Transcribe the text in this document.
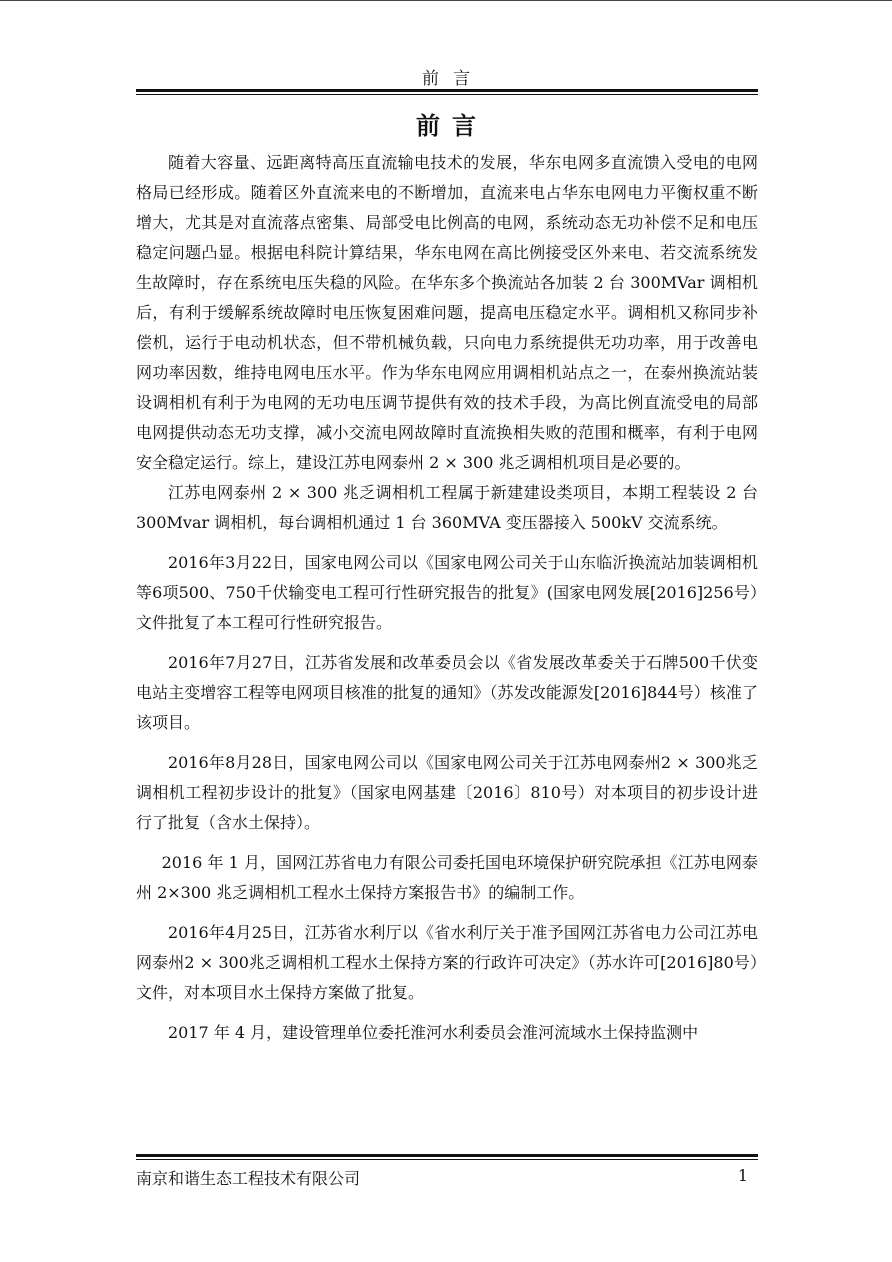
前言
前言

随着大容量、远距离特高压直流输电技术的发展，华东电网多直流馈入受电的电网格局已经形成。随着区外直流来电的不断增加，直流来电占华东电网电力平衡权重不断增大，尤其是对直流落点密集、局部受电比例高的电网，系统动态无功补偿不足和电压稳定问题凸显。根据电科院计算结果，华东电网在高比例接受区外来电、若交流系统发生故障时，存在系统电压失稳的风险。在华东多个换流站各加装 2 台 300MVar 调相机后，有利于缓解系统故障时电压恢复困难问题，提高电压稳定水平。调相机又称同步补偿机，运行于电动机状态，但不带机械负载，只向电力系统提供无功功率，用于改善电网功率因数，维持电网电压水平。作为华东电网应用调相机站点之一，在泰州换流站装设调相机有利于为电网的无功电压调节提供有效的技术手段，为高比例直流受电的局部电网提供动态无功支撑，减小交流电网故障时直流换相失败的范围和概率，有利于电网安全稳定运行。综上，建设江苏电网泰州 2 × 300 兆乏调相机项目是必要的。

江苏电网泰州 2 × 300 兆乏调相机工程属于新建建设类项目，本期工程装设 2 台 300Mvar 调相机，每台调相机通过 1 台 360MVA 变压器接入 500kV 交流系统。

2016年3月22日，国家电网公司以《国家电网公司关于山东临沂换流站加装调相机等6项500、750千伏输变电工程可行性研究报告的批复》(国家电网发展[2016]256号）文件批复了本工程可行性研究报告。

2016年7月27日，江苏省发展和改革委员会以《省发展改革委关于石牌500千伏变电站主变增容工程等电网项目核准的批复的通知》（苏发改能源发[2016]844号）核准了该项目。

2016年8月28日，国家电网公司以《国家电网公司关于江苏电网泰州2 × 300兆乏调相机工程初步设计的批复》（国家电网基建〔2016〕810号）对本项目的初步设计进行了批复（含水土保持）。

2016 年 1 月，国网江苏省电力有限公司委托国电环境保护研究院承担《江苏电网泰州 2×300 兆乏调相机工程水土保持方案报告书》的编制工作。

2016年4月25日，江苏省水利厅以《省水利厅关于准予国网江苏省电力公司江苏电网泰州2 × 300兆乏调相机工程水土保持方案的行政许可决定》（苏水许可[2016]80号）文件，对本项目水土保持方案做了批复。

2017 年 4 月，建设管理单位委托淮河水利委员会淮河流域水土保持监测中

南京和谐生态工程技术有限公司	1
